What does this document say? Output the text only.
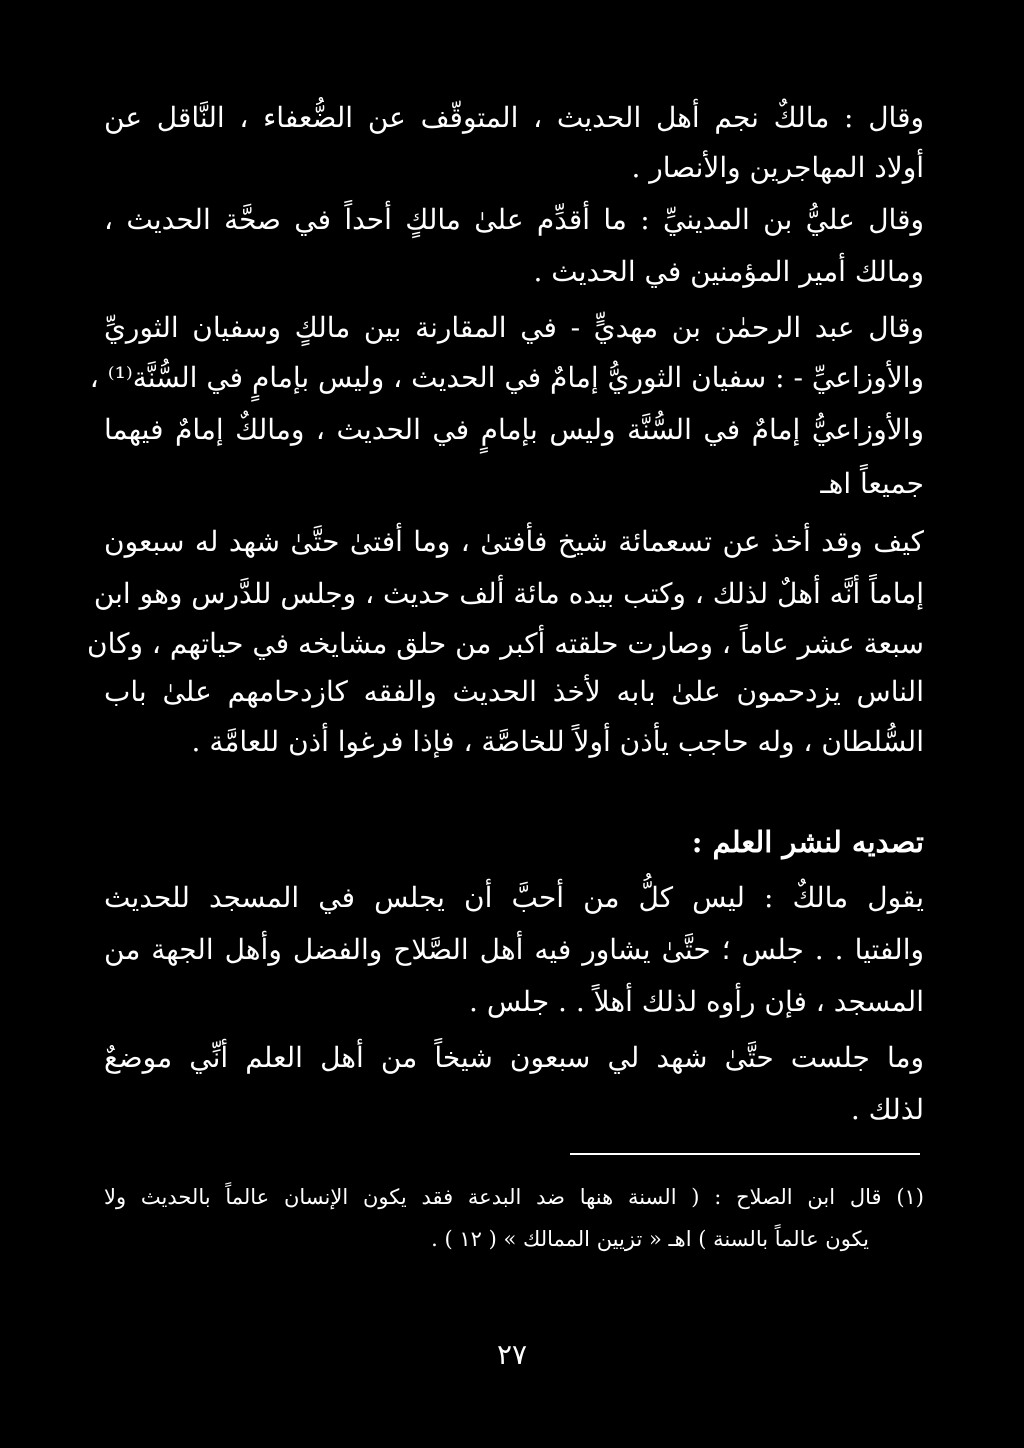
وقال : مالكٌ نجم أهل الحديث ، المتوقّف عن الضُّعفاء ، النَّاقل عن
أولاد المهاجرين والأنصار .
وقال عليُّ بن المدينيِّ : ما أقدِّم علىٰ مالكٍ أحداً في صحَّة الحديث ،
ومالك أمير المؤمنين في الحديث .
وقال عبد الرحمٰن بن مهديٍّ - في المقارنة بين مالكٍ وسفيان الثوريِّ
والأوزاعيِّ - : سفيان الثوريُّ إمامٌ في الحديث ، وليس بإمامٍ في السُّنَّة⁽¹⁾ ،
والأوزاعيُّ إمامٌ في السُّنَّة وليس بإمامٍ في الحديث ، ومالكٌ إمامٌ فيهما
جميعاً اهـ
كيف وقد أخذ عن تسعمائة شيخ فأفتىٰ ، وما أفتىٰ حتَّىٰ شهد له سبعون
إماماً أنَّه أهلٌ لذلك ، وكتب بيده مائة ألف حديث ، وجلس للدَّرس وهو ابن
سبعة عشر عاماً ، وصارت حلقته أكبر من حلق مشايخه في حياتهم ، وكان
الناس يزدحمون علىٰ بابه لأخذ الحديث والفقه كازدحامهم علىٰ باب
السُّلطان ، وله حاجب يأذن أولاً للخاصَّة ، فإذا فرغوا أذن للعامَّة .
تصديه لنشر العلم :
يقول مالكٌ : ليس كلُّ من أحبَّ أن يجلس في المسجد للحديث
والفتيا . . جلس ؛ حتَّىٰ يشاور فيه أهل الصَّلاح والفضل وأهل الجهة من
المسجد ، فإن رأوه لذلك أهلاً . . جلس .
وما جلست حتَّىٰ شهد لي سبعون شيخاً من أهل العلم أنِّي موضعٌ
لذلك .
(١) قال ابن الصلاح : ( السنة هنها ضد البدعة فقد يكون الإنسان عالماً بالحديث ولا
يكون عالماً بالسنة ) اهـ « تزيين الممالك » ( ١٢ ) .
٢٧
